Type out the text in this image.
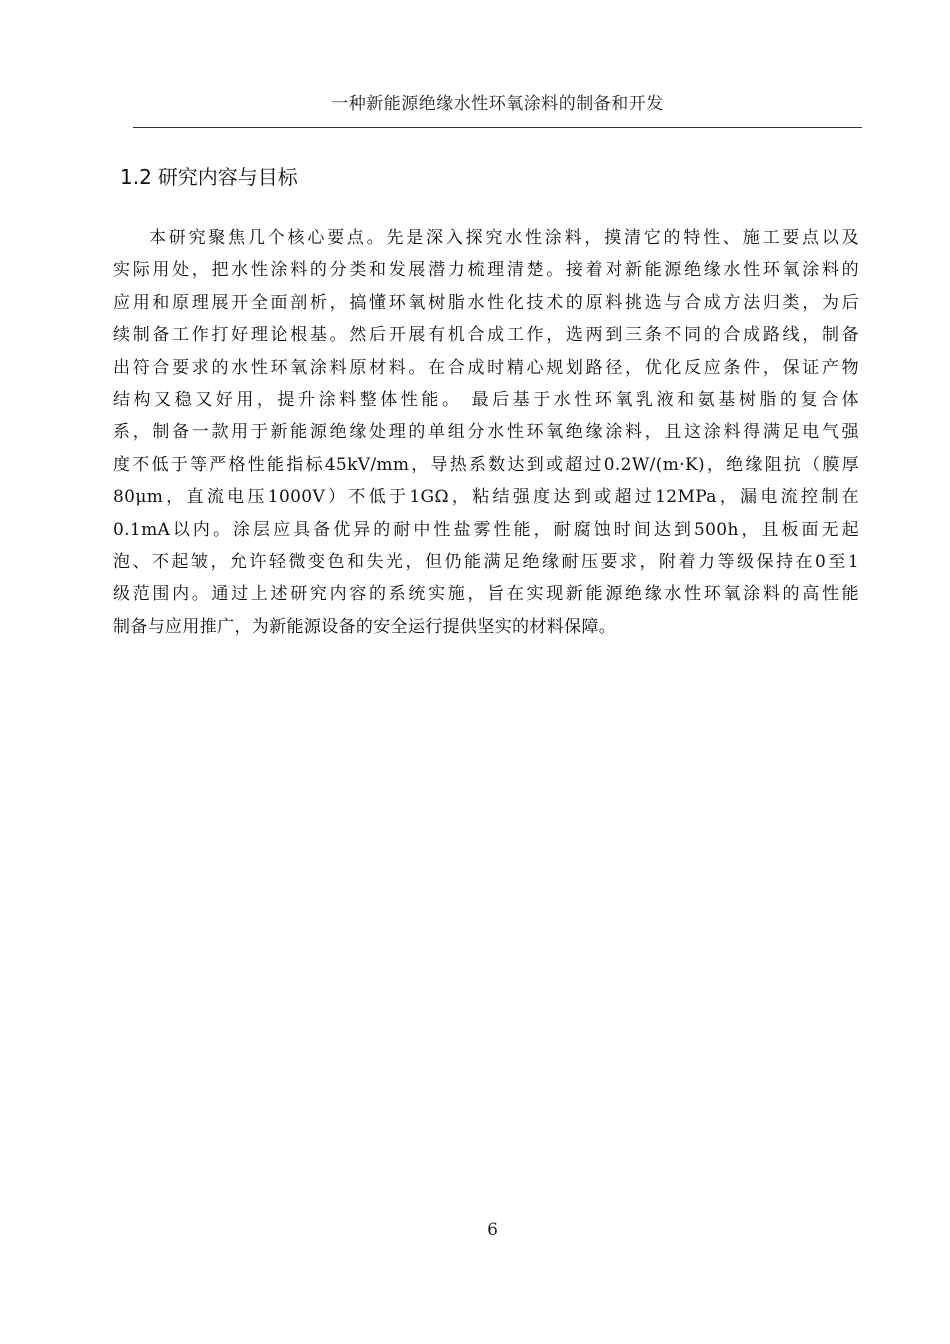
一种新能源绝缘水性环氧涂料的制备和开发
1.2 研究内容与目标
本研究聚焦几个核心要点。先是深入探究水性涂料，摸清它的特性、施工要点以及
实际用处，把水性涂料的分类和发展潜力梳理清楚。接着对新能源绝缘水性环氧涂料的
应用和原理展开全面剖析，搞懂环氧树脂水性化技术的原料挑选与合成方法归类，为后
续制备工作打好理论根基。然后开展有机合成工作，选两到三条不同的合成路线，制备
出符合要求的水性环氧涂料原材料。在合成时精心规划路径，优化反应条件，保证产物
结构又稳又好用，提升涂料整体性能。 最后基于水性环氧乳液和氨基树脂的复合体
系，制备一款用于新能源绝缘处理的单组分水性环氧绝缘涂料，且这涂料得满足电气强
度不低于等严格性能指标45kV/mm，导热系数达到或超过0.2W/(m·K)，绝缘阻抗（膜厚
80μm，直流电压1000V）不低于1GΩ，粘结强度达到或超过12MPa，漏电流控制在
0.1mA以内。涂层应具备优异的耐中性盐雾性能，耐腐蚀时间达到500h，且板面无起
泡、不起皱，允许轻微变色和失光，但仍能满足绝缘耐压要求，附着力等级保持在0至1
级范围内。通过上述研究内容的系统实施，旨在实现新能源绝缘水性环氧涂料的高性能
制备与应用推广，为新能源设备的安全运行提供坚实的材料保障。
6
